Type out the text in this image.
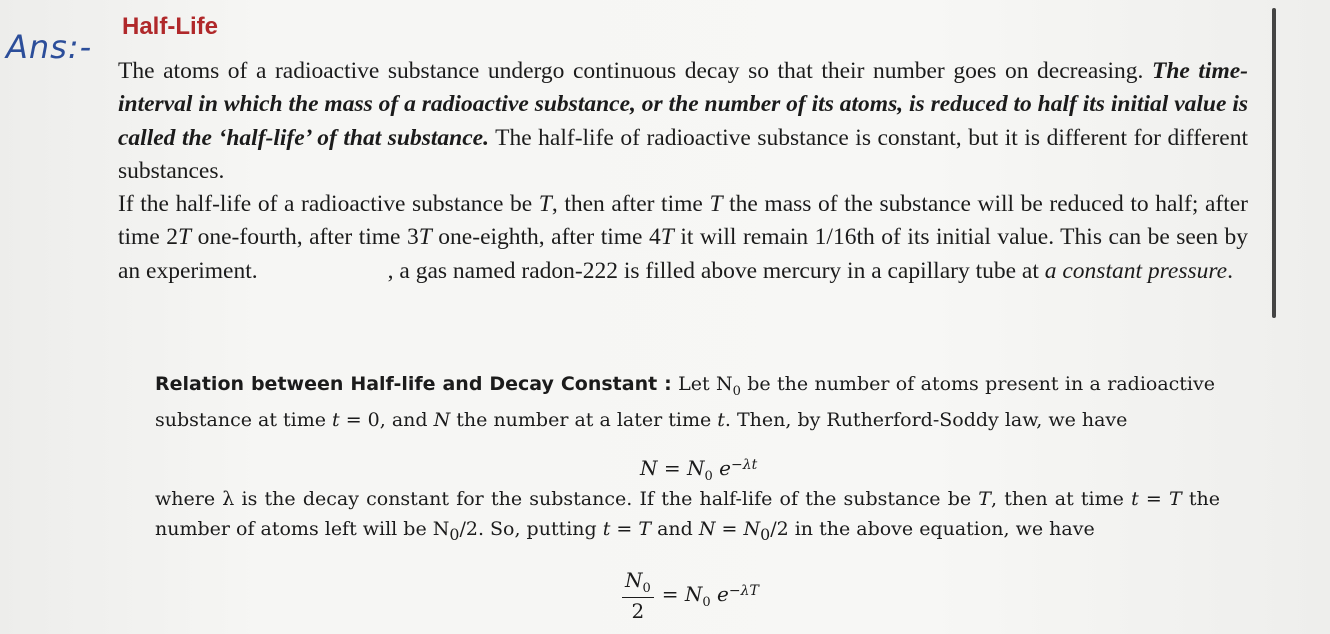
Ans:-
Half-Life
The atoms of a radioactive substance undergo continuous decay so that their number goes on decreasing. The time-interval in which the mass of a radioactive substance, or the number of its atoms, is reduced to half its initial value is called the ‘half-life’ of that substance. The half-life of radioactive substance is constant, but it is different for different substances.
If the half-life of a radioactive substance be T, then after time T the mass of the substance will be reduced to half; after time 2T one-fourth, after time 3T one-eighth, after time 4T it will remain 1/16th of its initial value. This can be seen by an experiment.	, a gas named radon-222 is filled above mercury in a capillary tube at a constant pressure.
Relation between Half-life and Decay Constant : Let $N_0$ be the number of atoms present in a radioactive substance at time t = 0, and N the number at a later time t. Then, by Rutherford-Soddy law, we have
$N = N_0$ $e^{-\lambda t}$
where λ is the decay constant for the substance. If the half-life of the substance be T, then at time t = T the number of atoms left will be $N_0/2$. So, putting t = T and $N = N_0/2$ in the above equation, we have
$\frac{N_0}{2} = N_0$ $e^{-\lambda T}$
